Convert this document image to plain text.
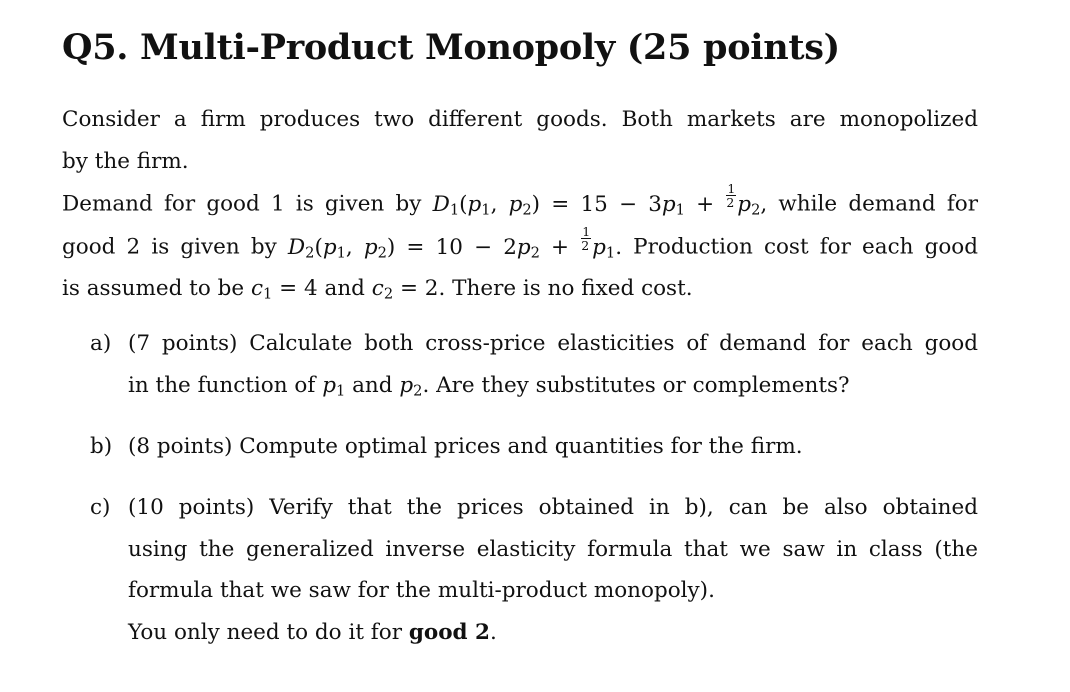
Q5. Multi-Product Monopoly (25 points)

Consider a firm produces two different goods. Both markets are monopolized

by the firm.

Demand for good 1 is given by $D_1(p_1$, $p_2) = 15 - 3p_1 + \frac{1}{2} p_2$, while demand for

good 2 is given by $D_2(p_1$, $p_2) = 10 - 2p_2 + \frac{1}{2} p_1$. Production cost for each good

is assumed to be $c_1 = 4$ and $c_2 = 2$. There is no fixed cost.

a) (7 points) Calculate both cross-price elasticities of demand for each good
in the function of $p_1$ and $p_2$. Are they substitutes or complements?
b) (8 points) Compute optimal prices and quantities for the firm.
c) (10 points) Verify that the prices obtained in b), can be also obtained
using the generalized inverse elasticity formula that we saw in class (the
formula that we saw for the multi-product monopoly).
You only need to do it for good 2.
